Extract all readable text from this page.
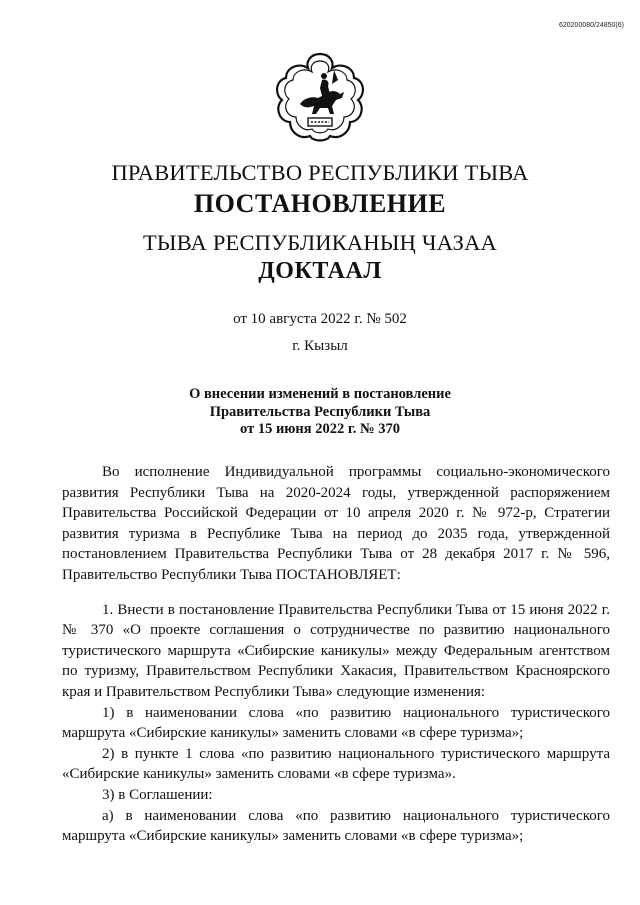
620200080/24850(6)
ПРАВИТЕЛЬСТВО РЕСПУБЛИКИ ТЫВА
ПОСТАНОВЛЕНИЕ
ТЫВА РЕСПУБЛИКАНЫҢ ЧАЗАА
ДОКТААЛ
от 10 августа 2022 г. № 502
г. Кызыл
О внесении изменений в постановление
Правительства Республики Тыва
от 15 июня 2022 г. № 370

Во исполнение Индивидуальной программы социально-экономического развития Республики Тыва на 2020-2024 годы, утвержденной распоряжением Правительства Российской Федерации от 10 апреля 2020 г. № 972-р, Стратегии развития туризма в Республике Тыва на период до 2035 года, утвержденной постановлением Правительства Республики Тыва от 28 декабря 2017 г. № 596, Правительство Республики Тыва ПОСТАНОВЛЯЕТ:

1. Внести в постановление Правительства Республики Тыва от 15 июня 2022 г. № 370 «О проекте соглашения о сотрудничестве по развитию национального туристического маршрута «Сибирские каникулы» между Федеральным агентством по туризму, Правительством Республики Хакасия, Правительством Красноярского края и Правительством Республики Тыва» следующие изменения:

1) в наименовании слова «по развитию национального туристического маршрута «Сибирские каникулы» заменить словами «в сфере туризма»;

2) в пункте 1 слова «по развитию национального туристического маршрута «Сибирские каникулы» заменить словами «в сфере туризма».

3) в Соглашении:

а) в наименовании слова «по развитию национального туристического маршрута «Сибирские каникулы» заменить словами «в сфере туризма»;
